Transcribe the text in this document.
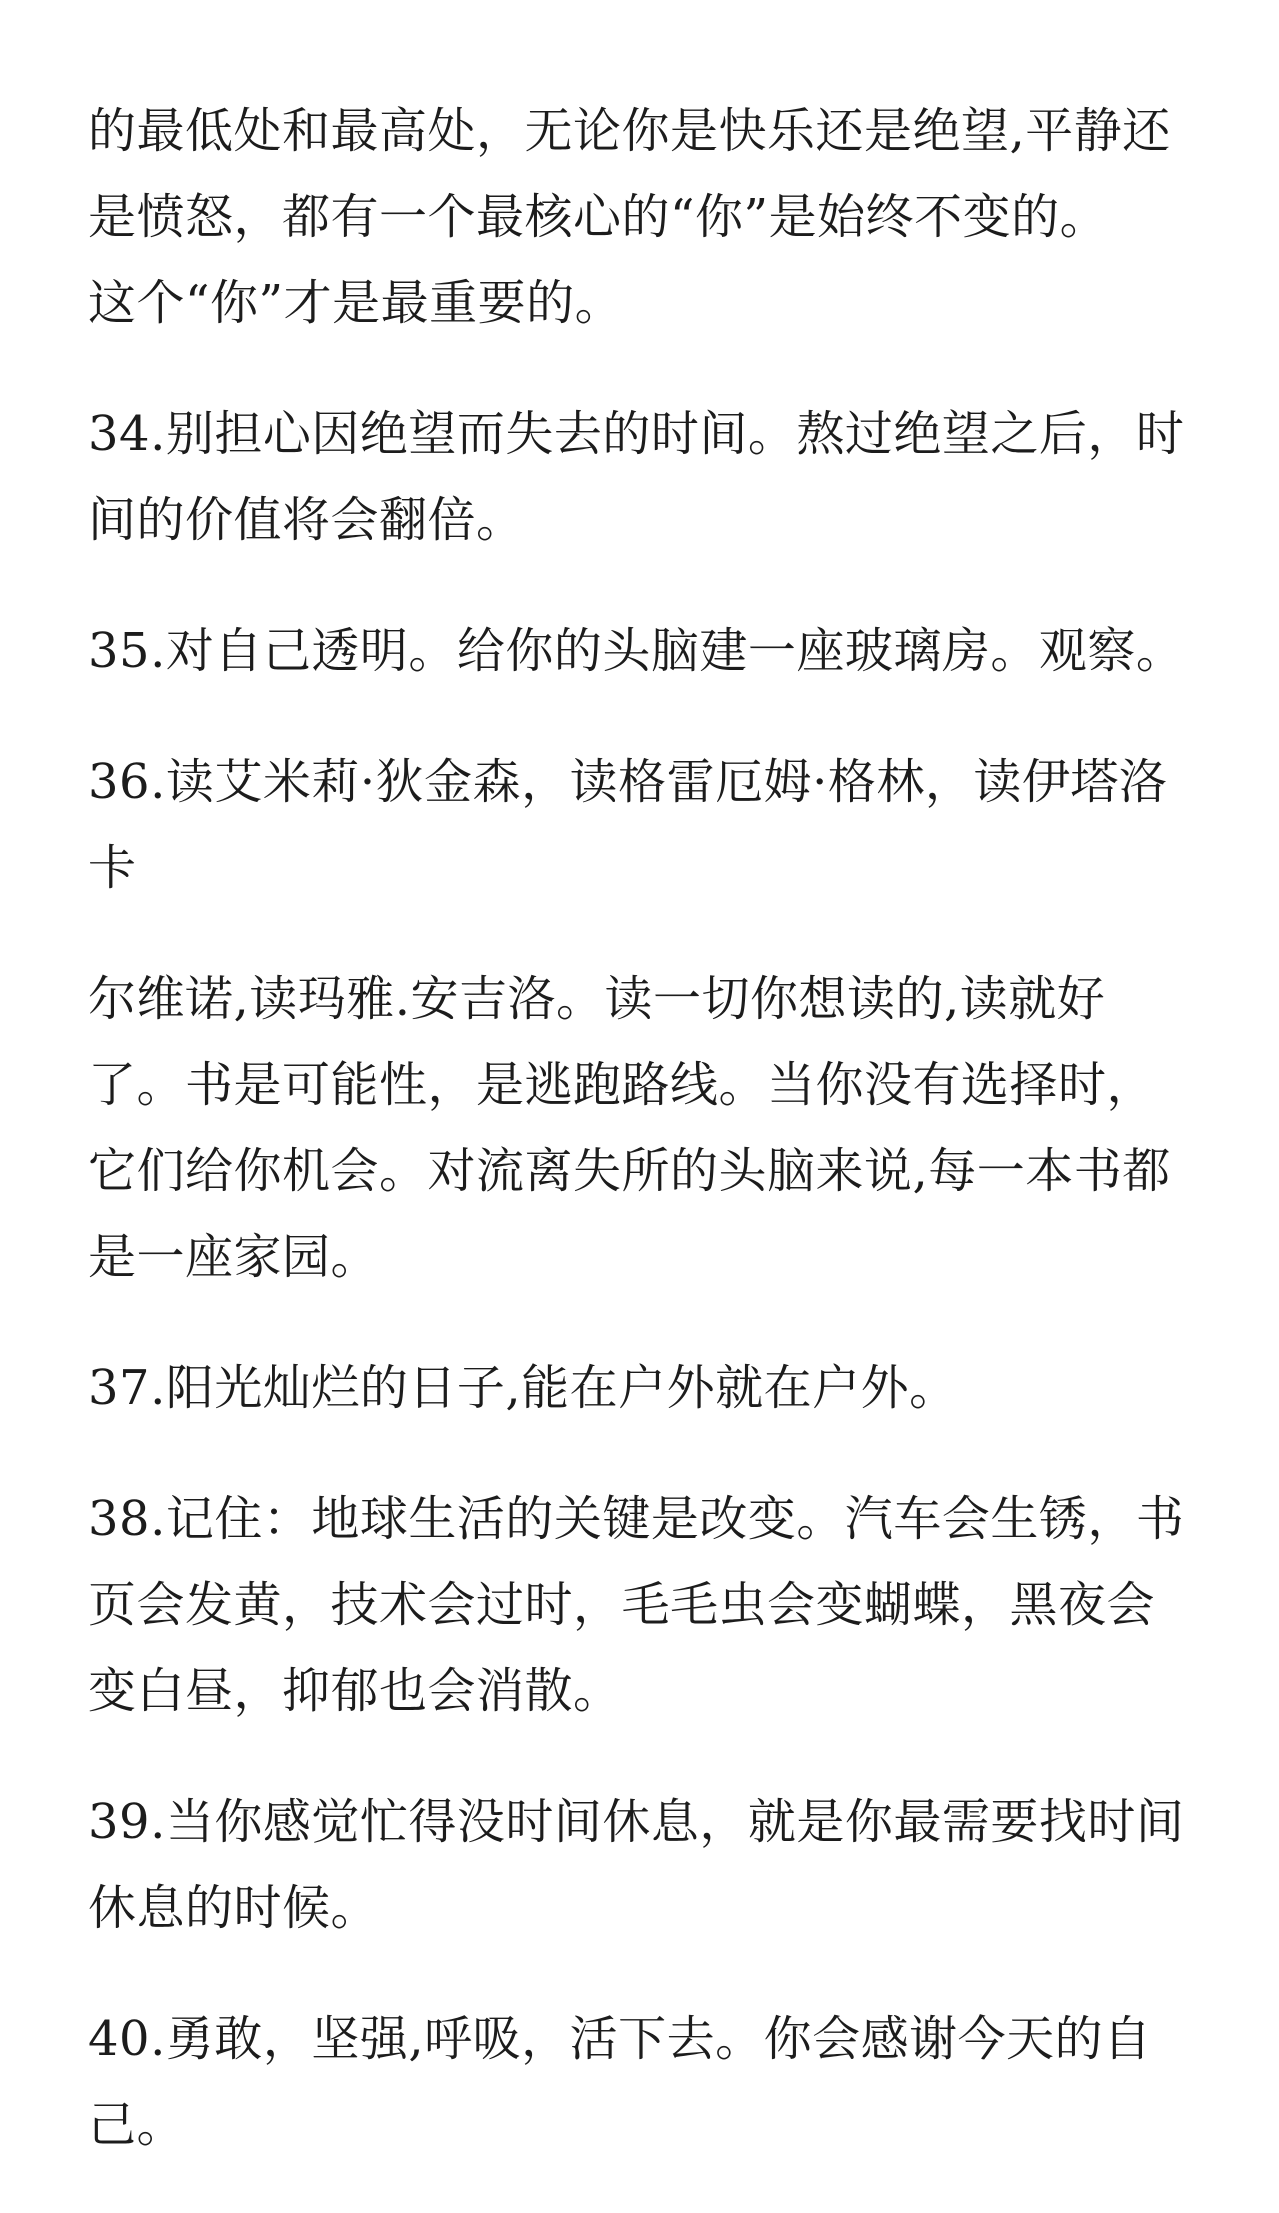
的最低处和最高处，无论你是快乐还是绝望,平静还
是愤怒，都有一个最核心的“你”是始终不变的。
这个“你”才是最重要的。

34.别担心因绝望而失去的时间。熬过绝望之后，时
间的价值将会翻倍。

35.对自己透明。给你的头脑建一座玻璃房。观察。

36.读艾米莉·狄金森，读格雷厄姆·格林，读伊塔洛
卡

尔维诺,读玛雅.安吉洛。读一切你想读的,读就好
了。书是可能性，是逃跑路线。当你没有选择时，
它们给你机会。对流离失所的头脑来说,每一本书都
是一座家园。

37.阳光灿烂的日子,能在户外就在户外。

38.记住：地球生活的关键是改变。汽车会生锈，书
页会发黄，技术会过时，毛毛虫会变蝴蝶，黑夜会
变白昼，抑郁也会消散。

39.当你感觉忙得没时间休息，就是你最需要找时间
休息的时候。

40.勇敢，坚强,呼吸，活下去。你会感谢今天的自
己。
